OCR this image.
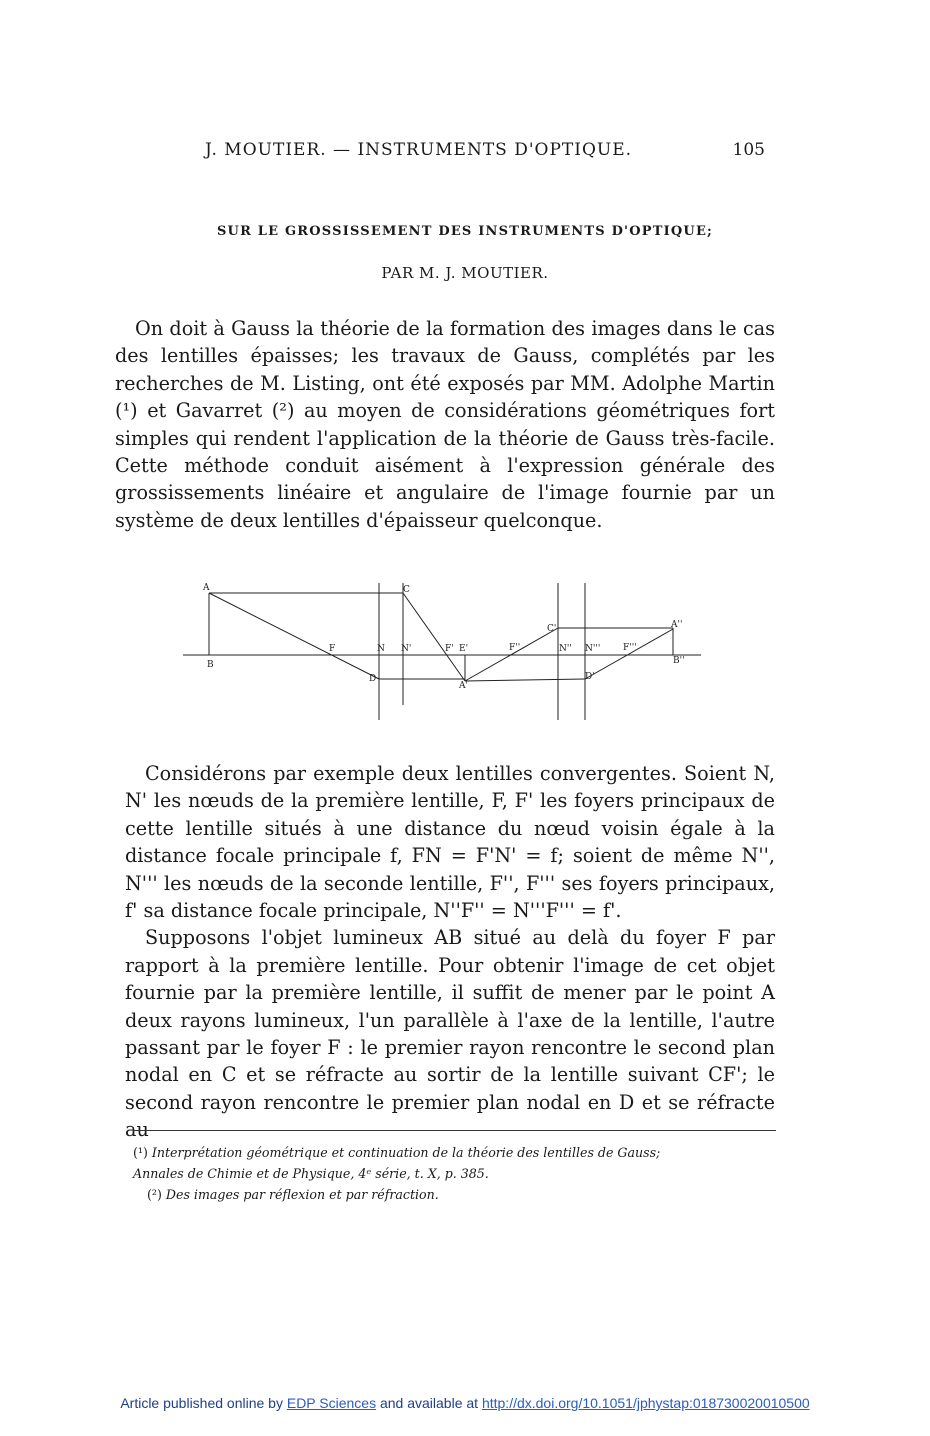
J. MOUTIER. — INSTRUMENTS D'OPTIQUE.	105
SUR LE GROSSISSEMENT DES INSTRUMENTS D'OPTIQUE;
PAR M. J. MOUTIER.

On doit à Gauss la théorie de la formation des images dans le cas des lentilles épaisses; les travaux de Gauss, complétés par les recherches de M. Listing, ont été exposés par MM. Adolphe Martin (¹) et Gavarret (²) au moyen de considérations géométriques fort simples qui rendent l'application de la théorie de Gauss très-facile. Cette méthode conduit aisément à l'expression générale des grossissements linéaire et angulaire de l'image fournie par un système de deux lentilles d'épaisseur quelconque.

A
B
F	N N'
C
D
F' E'	F''
C'
N'' N'''	F'''
A'
B''
D'
A''

Considérons par exemple deux lentilles convergentes. Soient N, N' les nœuds de la première lentille, F, F' les foyers principaux de cette lentille situés à une distance du nœud voisin égale à la distance focale principale f, FN = F'N' = f; soient de même N'', N''' les nœuds de la seconde lentille, F'', F''' ses foyers principaux, f' sa distance focale principale, N''F'' = N'''F''' = f'.

Supposons l'objet lumineux AB situé au delà du foyer F par rapport à la première lentille. Pour obtenir l'image de cet objet fournie par la première lentille, il suffit de mener par le point A deux rayons lumineux, l'un parallèle à l'axe de la lentille, l'autre passant par le foyer F : le premier rayon rencontre le second plan nodal en C et se réfracte au sortir de la lentille suivant CF'; le second rayon rencontre le premier plan nodal en D et se réfracte au

(¹) Interprétation géométrique et continuation de la théorie des lentilles de Gauss;

Annales de Chimie et de Physique, 4ᵉ série, t. X, p. 385.

(²) Des images par réflexion et par réfraction.

Article published online by EDP Sciences and available at http://dx.doi.org/10.1051/jphystap:018730020010500
